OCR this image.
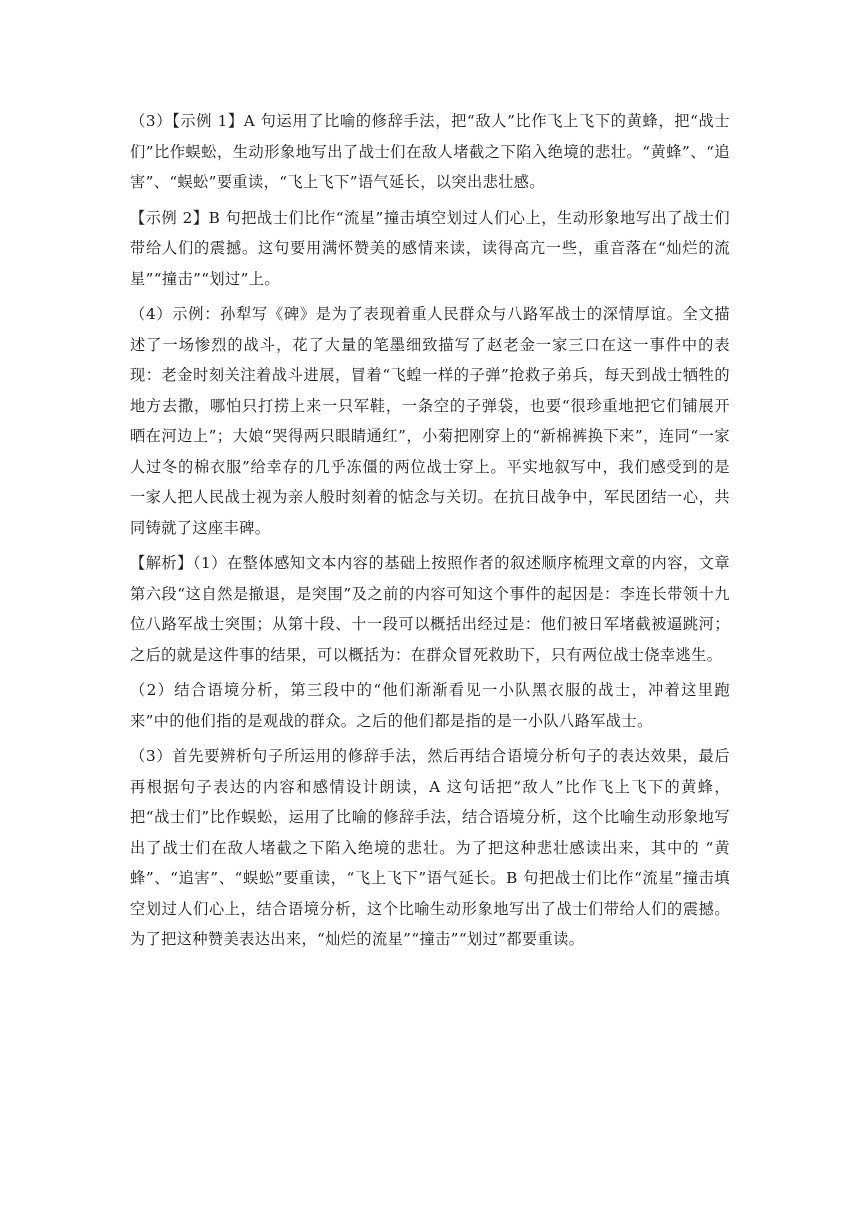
（3）【示例 1】A 句运用了比喻的修辞手法，把“敌人”比作飞上飞下的黄蜂，把“战士们”比作蜈蚣，生动形象地写出了战士们在敌人堵截之下陷入绝境的悲壮。“黄蜂”、“追害”、“蜈蚣”要重读，“飞上飞下”语气延长，以突出悲壮感。

【示例 2】B 句把战士们比作“流星”撞击填空划过人们心上，生动形象地写出了战士们带给人们的震撼。这句要用满怀赞美的感情来读，读得高亢一些，重音落在“灿烂的流星”“撞击”“划过”上。

（4）示例：孙犁写《碑》是为了表现着重人民群众与八路军战士的深情厚谊。全文描述了一场惨烈的战斗，花了大量的笔墨细致描写了赵老金一家三口在这一事件中的表现：老金时刻关注着战斗进展，冒着“飞蝗一样的子弹”抢救子弟兵，每天到战士牺牲的地方去撒，哪怕只打捞上来一只军鞋，一条空的子弹袋，也要“很珍重地把它们铺展开晒在河边上”；大娘“哭得两只眼睛通红”，小菊把刚穿上的“新棉裤换下来”，连同“一家人过冬的棉衣服”给幸存的几乎冻僵的两位战士穿上。平实地叙写中，我们感受到的是一家人把人民战士视为亲人般时刻着的惦念与关切。在抗日战争中，军民团结一心，共同铸就了这座丰碑。

【解析】（1）在整体感知文本内容的基础上按照作者的叙述顺序梳理文章的内容，文章第六段“这自然是撤退，是突围”及之前的内容可知这个事件的起因是：李连长带领十九位八路军战士突围；从第十段、十一段可以概括出经过是：他们被日军堵截被逼跳河；之后的就是这件事的结果，可以概括为：在群众冒死救助下，只有两位战士侥幸逃生。

（2）结合语境分析，第三段中的“他们渐渐看见一小队黑衣服的战士，冲着这里跑来”中的他们指的是观战的群众。之后的他们都是指的是一小队八路军战士。

（3）首先要辨析句子所运用的修辞手法，然后再结合语境分析句子的表达效果，最后再根据句子表达的内容和感情设计朗读，A 这句话把“敌人”比作飞上飞下的黄蜂，把“战士们”比作蜈蚣，运用了比喻的修辞手法，结合语境分析，这个比喻生动形象地写出了战士们在敌人堵截之下陷入绝境的悲壮。为了把这种悲壮感读出来，其中的 “黄蜂”、“追害”、“蜈蚣”要重读，“飞上飞下”语气延长。B 句把战士们比作“流星”撞击填空划过人们心上，结合语境分析，这个比喻生动形象地写出了战士们带给人们的震撼。为了把这种赞美表达出来，“灿烂的流星”“撞击”“划过”都要重读。
